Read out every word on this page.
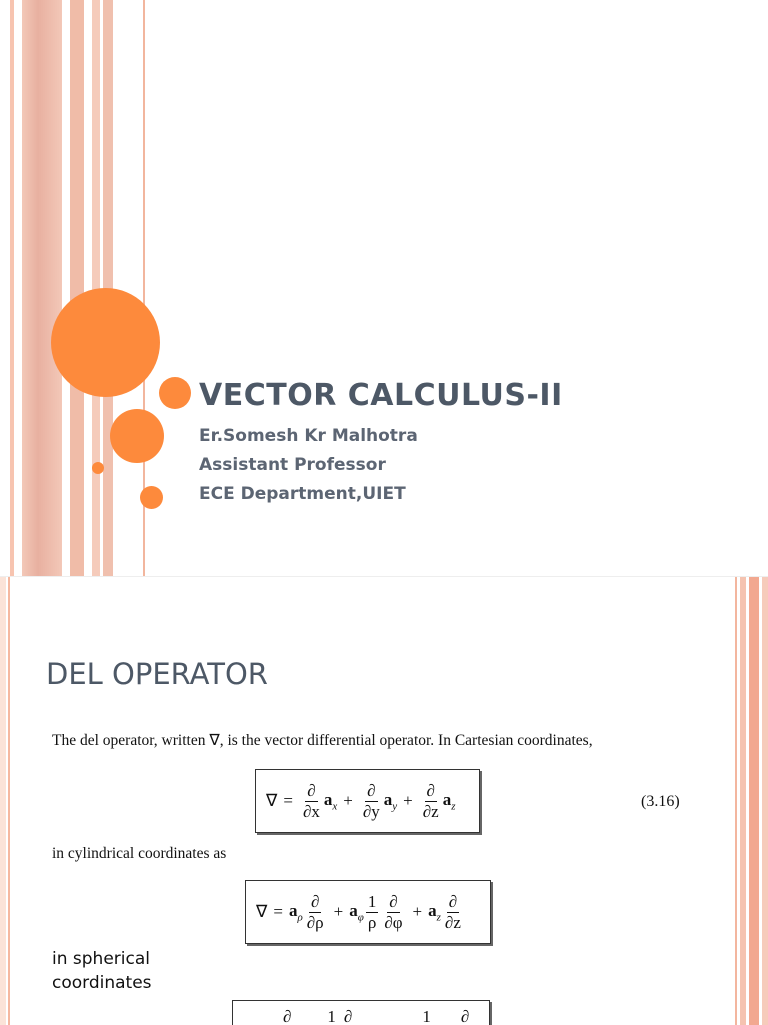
VECTOR CALCULUS-II
Er.Somesh Kr Malhotra
Assistant Professor
ECE Department,UIET
DEL OPERATOR
The del operator, written ∇, is the vector differential operator. In Cartesian coordinates,
∇ = $\frac{\partial}{\partial x} a_x + \frac{\partial}{\partial y} a_y + \frac{\partial}{\partial z} a_z$	(3.16)
in cylindrical coordinates as
∇ = $a_\rho \frac{\partial}{\partial\rho} + a_\varphi \frac{1}{\rho} \frac{\partial}{\partial\varphi} + a_z \frac{\partial}{\partial z}$
in spherical coordinates
∂ 1 ∂	1 ∂
